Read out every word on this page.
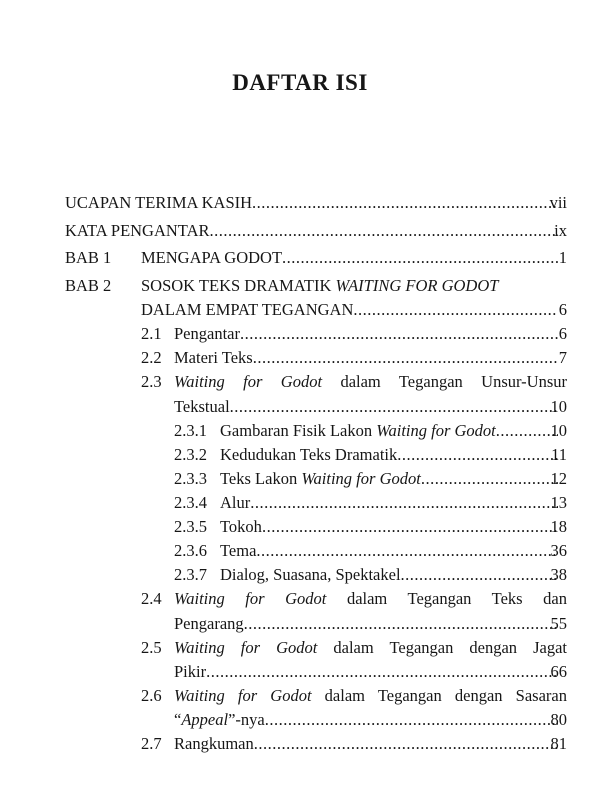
DAFTAR ISI
UCAPAN TERIMA KASIH .....	vii
KATA PENGANTAR .....	ix
BAB 1 MENGAPA GODOT .....	1
BAB 2 SOSOK TEKS DRAMATIK WAITING FOR GODOT
DALAM EMPAT TEGANGAN .....	6
2.1 Pengantar .....	6
2.2 Materi Teks .....	7
2.3 Waiting for Godot dalam Tegangan Unsur-Unsur
Tekstual .....	10
2.3.1 Gambaran Fisik Lakon Waiting for Godot .....	10
2.3.2 Kedudukan Teks Dramatik .....	11
2.3.3 Teks Lakon Waiting for Godot .....	12
2.3.4 Alur .....	13
2.3.5 Tokoh .....	18
2.3.6 Tema .....	36
2.3.7 Dialog, Suasana, Spektakel .....	38
2.4 Waiting for Godot dalam Tegangan Teks dan
Pengarang .....	55
2.5 Waiting for Godot dalam Tegangan dengan Jagat
Pikir .....	66
2.6 Waiting for Godot dalam Tegangan dengan Sasaran
“Appeal”-nya .....	80
2.7 Rangkuman .....	81
